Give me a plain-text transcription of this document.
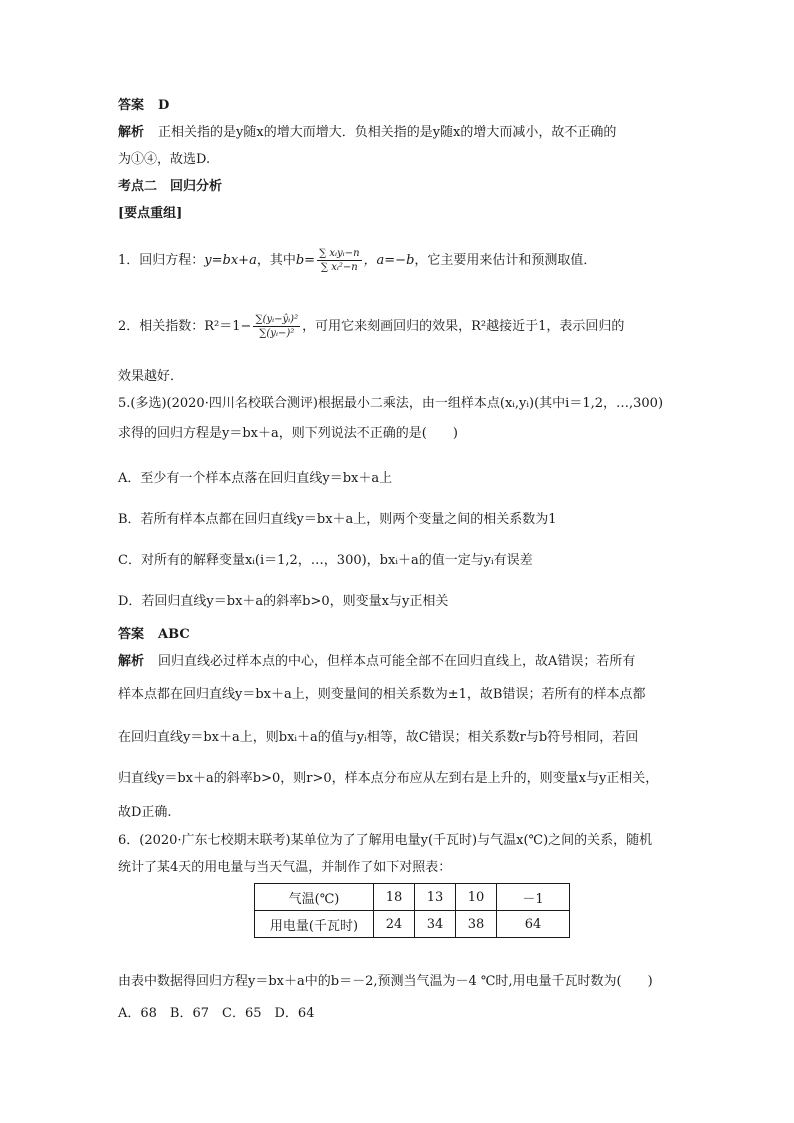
答案 D
解析 正相关指的是y随x的增大而增大．负相关指的是y随x的增大而减小，故不正确的
为①④，故选D.
考点二　回归分析
[要点重组]
1．回归方程：y=bx+a，其中$b= \frac{\text{∑ xᵢyᵢ−n}}{\text{∑ xᵢ²−n}}$ ，a=−b，它主要用来估计和预测取值．
2．相关指数：$R^2=1- \frac{\text{∑(yᵢ−ŷᵢ)²}}{\text{∑(yᵢ−)²}}$ ，可用它来刻画回归的效果，R²越接近于1，表示回归的
效果越好．
5.(多选)(2020·四川名校联合测评)根据最小二乘法，由一组样本点(xᵢ,yᵢ)(其中i＝1,2，…,300)
求得的回归方程是y＝bx＋a，则下列说法不正确的是(　　)
A．至少有一个样本点落在回归直线y＝bx＋a上
B．若所有样本点都在回归直线y＝bx＋a上，则两个变量之间的相关系数为1
C．对所有的解释变量xᵢ(i＝1,2，…，300)，bxᵢ＋a的值一定与yᵢ有误差
D．若回归直线y＝bx＋a的斜率b>0，则变量x与y正相关
答案 ABC
解析 回归直线必过样本点的中心，但样本点可能全部不在回归直线上，故A错误；若所有
样本点都在回归直线y＝bx＋a上，则变量间的相关系数为±1，故B错误；若所有的样本点都
在回归直线y＝bx＋a上，则bxᵢ＋a的值与yᵢ相等，故C错误；相关系数r与b符号相同，若回
归直线y＝bx＋a的斜率b>0，则r>0，样本点分布应从左到右是上升的，则变量x与y正相关，
故D正确.
6．(2020·广东七校期末联考)某单位为了了解用电量y(千瓦时)与气温x(℃)之间的关系，随机
统计了某4天的用电量与当天气温，并制作了如下对照表：
气温(℃)	18	13	10	－1
用电量(千瓦时)	24	34	38	64
由表中数据得回归方程y＝bx＋a中的b＝－2,预测当气温为－4 ℃时,用电量千瓦时数为(　　)
A．68　B．67　C．65　D．64
